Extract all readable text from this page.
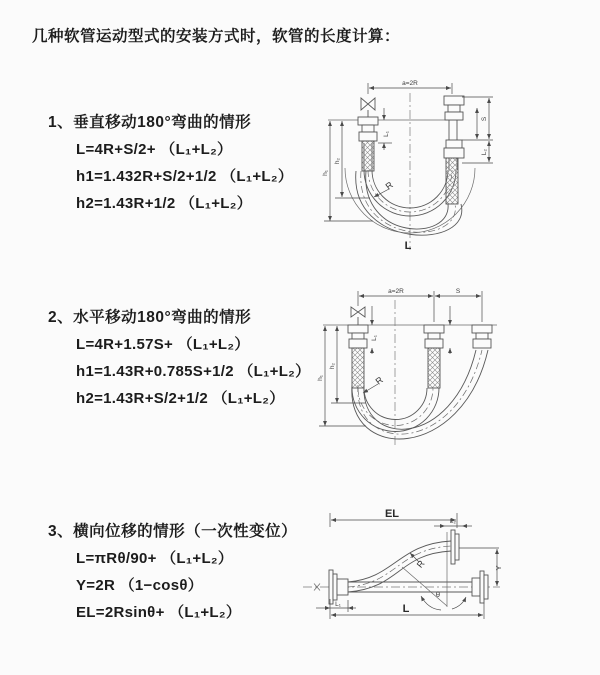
几种软管运动型式的安装方式时，软管的长度计算：
1、垂直移动180°弯曲的情形
L=4R+S/2+ （L₁+L₂）
h1=1.432R+S/2+1/2 （L₁+L₂）
h2=1.43R+1/2 （L₁+L₂）
2、水平移动180°弯曲的情形
L=4R+1.57S+ （L₁+L₂）
h1=1.43R+0.785S+1/2 （L₁+L₂）
h2=1.43R+S/2+1/2 （L₁+L₂）
3、横向位移的情形（一次性变位）
L=πRθ/90+ （L₁+L₂）
Y=2R （1−cosθ）
EL=2Rsinθ+ （L₁+L₂）
a=2R
L₁
S
L₂
h₁
h₂
R
L
a=2R	S
L₁
h₁
h₂
R
EL
L₂
Y
R
θ
L₁	L
